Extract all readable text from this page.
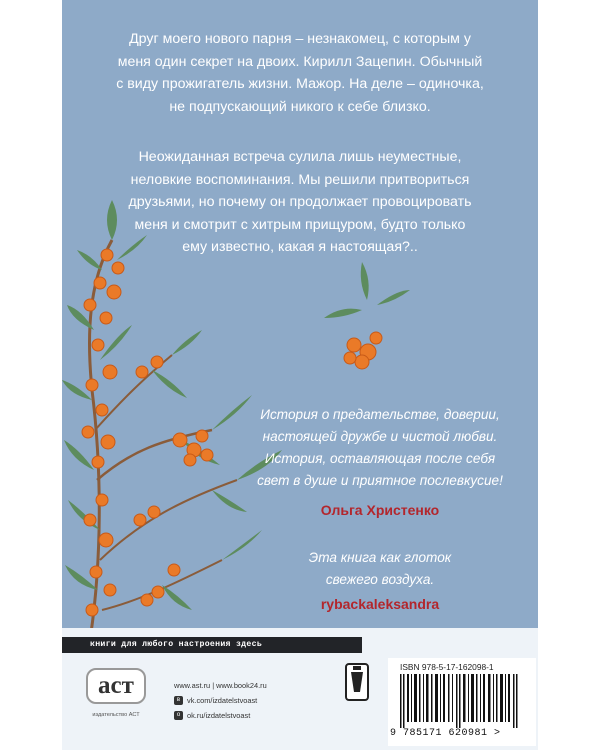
Друг моего нового парня – незнакомец, с которым у

меня один секрет на двоих. Кирилл Зацепин. Обычный

с виду прожигатель жизни. Мажор. На деле – одиночка,

не подпускающий никого к себе близко.

Неожиданная встреча сулила лишь неуместные,

неловкие воспоминания. Мы решили притвориться

друзьями, но почему он продолжает провоцировать

меня и смотрит с хитрым прищуром, будто только

ему известно, какая я настоящая?..

История о предательстве, доверии,
настоящей дружбе и чистой любви.
История, оставляющая после себя
свет в душе и приятное послевкусие!
Ольга Христенко
Эта книга как глоток
свежего воздуха.
rybackaleksandra
книги для любого настроения здесь
аст
издательство АСТ
www.ast.ru | www.book24.ru
в vk.com/izdatelstvoast
о ok.ru/izdatelstvoast
ISBN 978-5-17-162098-1
9 785171 620981 >
